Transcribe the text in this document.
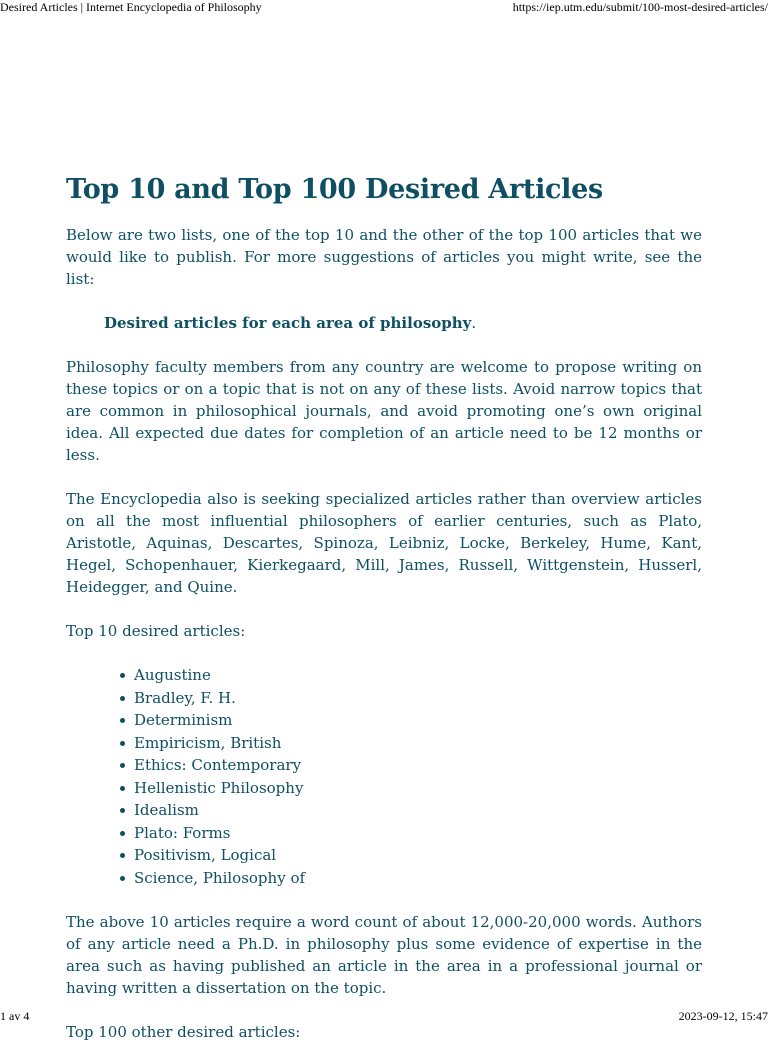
Desired Articles | Internet Encyclopedia of Philosophy	https://iep.utm.edu/submit/100-most-desired-articles/
Top 10 and Top 100 Desired Articles

Below are two lists, one of the top 10 and the other of the top 100 articles that we would like to publish. For more suggestions of articles you might write, see the list:

Desired articles for each area of philosophy.

Philosophy faculty members from any country are welcome to propose writing on these topics or on a topic that is not on any of these lists. Avoid narrow topics that are common in philosophical journals, and avoid promoting one’s own original idea. All expected due dates for completion of an article need to be 12 months or less.

The Encyclopedia also is seeking specialized articles rather than overview articles on all the most influential philosophers of earlier centuries, such as Plato, Aristotle, Aquinas, Descartes, Spinoza, Leibniz, Locke, Berkeley, Hume, Kant, Hegel, Schopenhauer, Kierkegaard, Mill, James, Russell, Wittgenstein, Husserl, Heidegger, and Quine.

Top 10 desired articles:

Augustine
Bradley, F. H.
Determinism
Empiricism, British
Ethics: Contemporary
Hellenistic Philosophy
Idealism
Plato: Forms
Positivism, Logical
Science, Philosophy of

The above 10 articles require a word count of about 12,000-20,000 words. Authors of any article need a Ph.D. in philosophy plus some evidence of expertise in the area such as having published an article in the area in a professional journal or having written a dissertation on the topic.

Top 100 other desired articles:

1 av 4	2023-09-12, 15:47
